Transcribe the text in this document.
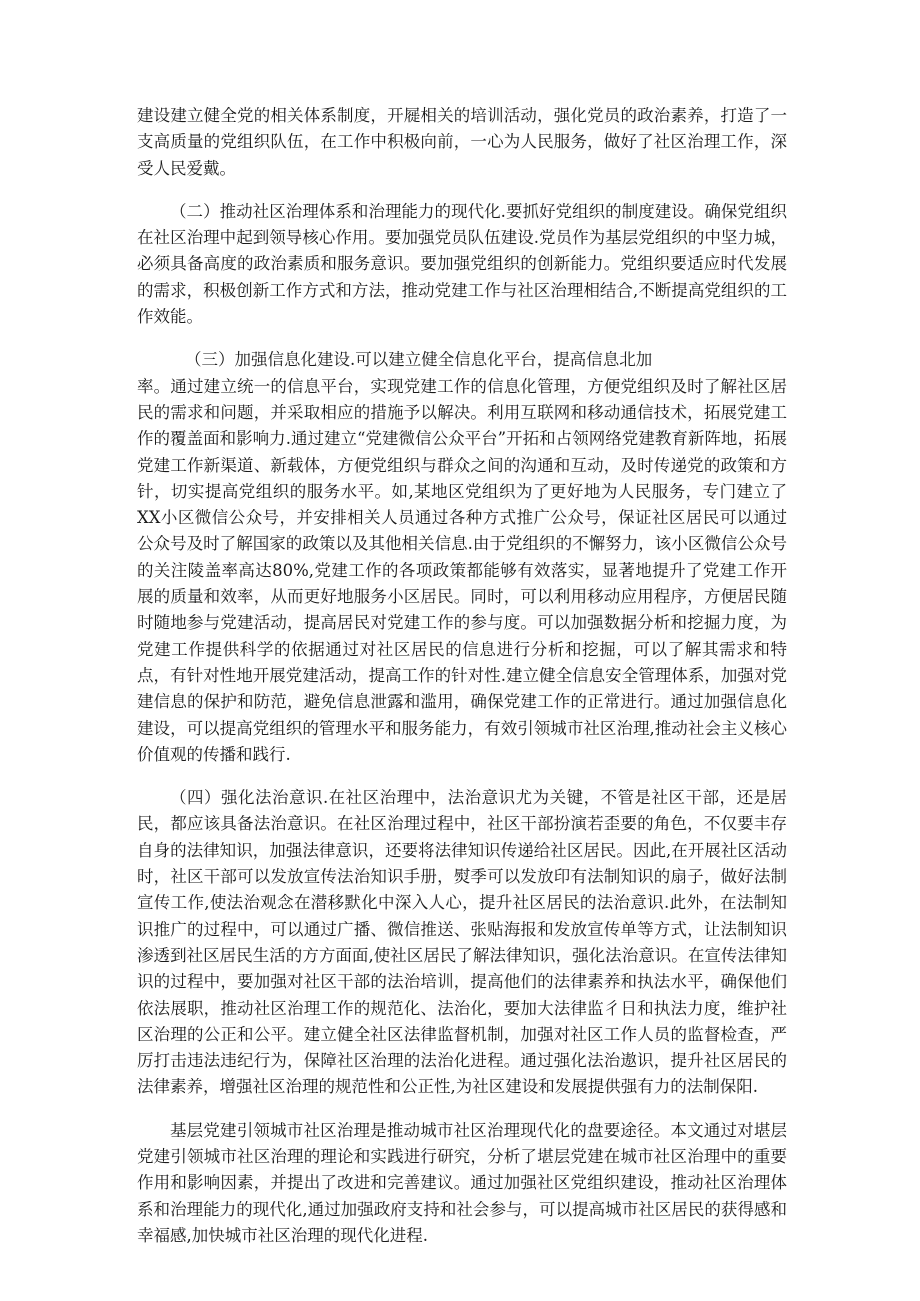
建设建立健全党的相关体系制度，开屣相关的培训活动，强化党员的政治素养，打造了一支高质量的党组织队伍，在工作中积极向前，一心为人民服务，做好了社区治理工作，深受人民爱戴。

（二）推动社区治理体系和治理能力的现代化.要抓好党组织的制度建设。确保党组织在社区治理中起到领导核心作用。要加强党员队伍建设.党员作为基层党组织的中坚力城，必须具备高度的政治素质和服务意识。要加强党组织的创新能力。党组织要适应时代发展的需求，积极创新工作方式和方法，推动党建工作与社区治理相结合,不断提高党组织的工作效能。

（三）加强信息化建设.可以建立健全信息化平台，提高信息北加率。通过建立统一的信息平台，实现党建工作的信息化管理，方便党组织及时了解社区居民的需求和问题，并采取相应的措施予以解决。利用互联网和移动通信技术，拓展党建工作的覆盖面和影响力.通过建立“党建微信公众平台”开拓和占领网络党建教育新阵地，拓展党建工作新渠道、新载体，方便党组织与群众之间的沟通和互动，及时传递党的政策和方针，切实提高党组织的服务水平。如,某地区党组织为了更好地为人民服务，专门建立了XX小区微信公众号，并安排相关人员通过各种方式推广公众号，保证社区居民可以通过公众号及时了解国家的政策以及其他相关信息.由于党组织的不懈努力，该小区微信公众号的关注陵盖率高达80%,党建工作的各项政策都能够有效落实，显著地提升了党建工作开展的质量和效率，从而更好地服务小区居民。同时，可以利用移动应用程序，方便居民随时随地参与党建活动，提高居民对党建工作的参与度。可以加强数据分析和挖掘力度，为党建工作提供科学的依据通过对社区居民的信息进行分析和挖掘，可以了解其需求和特点，有针对性地开展党建活动，提高工作的针对性.建立健全信息安全管理体系，加强对党建信息的保护和防范，避免信息泄露和滥用，确保党建工作的正常进行。通过加强信息化建设，可以提高党组织的管理水平和服务能力，有效引领城市社区治理,推动社会主义核心价值观的传播和践行.

（四）强化法治意识.在社区治理中，法治意识尤为关键，不管是社区干部，还是居民，都应该具备法治意识。在社区治理过程中，社区干部扮演若歪要的角色，不仅要丰存自身的法律知识，加强法律意识，还要将法律知识传递给社区居民。因此,在开展社区活动时，社区干部可以发放宣传法治知识手册，熨季可以发放印有法制知识的扇子，做好法制宣传工作,使法治观念在潜移默化中深入人心，提升社区居民的法治意识.此外，在法制知识推广的过程中，可以通过广播、微信推送、张贴海报和发放宣传单等方式，让法制知识渗透到社区居民生活的方方面面,使社区居民了解法律知识，强化法治意识。在宣传法律知识的过程中，要加强对社区干部的法治培训，提高他们的法律素养和执法水平，确保他们依法展职，推动社区治理工作的规范化、法治化，要加大法律监彳日和执法力度，维护社区治理的公正和公平。建立健全社区法律监督机制，加强对社区工作人员的监督检查，严厉打击违法违纪行为，保障社区治理的法治化进程。通过强化法治遨识，提升社区居民的法律素养，增强社区治理的规范性和公正性,为社区建设和发展提供强有力的法制保阳.

基层党建引领城市社区治理是推动城市社区治理现代化的盘要途径。本文通过对堪层党建引领城市社区治理的理论和实践进行研究，分析了堪层党建在城市社区治理中的重要作用和影响因素，并提出了改进和完善建议。通过加强社区党组织建设，推动社区治理体系和治理能力的现代化,通过加强政府支持和社会参与，可以提高城市社区居民的获得感和幸福感,加快城市社区治理的现代化进程.
